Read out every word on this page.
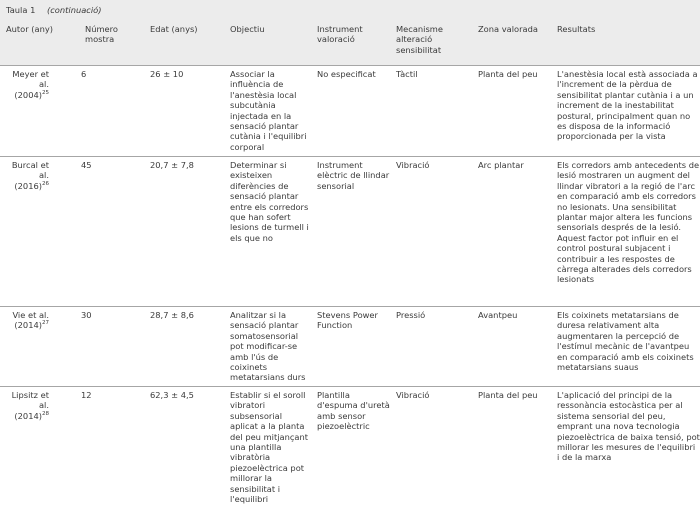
Taula 1 (continuació)
Autor (any)	Número mostra	Edat (anys)	Objectiu	Instrument valoració	Mecanisme alteració sensibilitat	Zona valorada	Resultats
Meyer et al. $(2004)^{25}$	6	26 ± 10	Associar la influència de l'anestèsia local subcutània injectada en la sensació plantar cutània i l'equilibri corporal	No especificat	Tàctil	Planta del peu	L'anestèsia local està associada a l'increment de la pèrdua de sensibilitat plantar cutània i a un increment de la inestabilitat postural, principalment quan no es disposa de la informació proporcionada per la vista
Burcal et al. $(2016)^{26}$	45	20,7 ± 7,8	Determinar si existeixen diferències de sensació plantar entre els corredors que han sofert lesions de turmell i els que no	Instrument elèctric de llindar sensorial	Vibració	Arc plantar	Els corredors amb antecedents de lesió mostraren un augment del llindar vibratori a la regió de l'arc en comparació amb els corredors no lesionats. Una sensibilitat plantar major altera les funcions sensorials després de la lesió. Aquest factor pot influir en el control postural subjacent i contribuir a les respostes de càrrega alterades dels corredors lesionats
Vie et al. $(2014)^{27}$	30	28,7 ± 8,6	Analitzar si la sensació plantar somatosensorial pot modificar-se amb l'ús de coixinets metatarsians durs	Stevens Power Function	Pressió	Avantpeu	Els coixinets metatarsians de duresa relativament alta augmentaren la percepció de l'estímul mecànic de l'avantpeu en comparació amb els coixinets metatarsians suaus
Lipsitz et al. $(2014)^{28}$	12	62,3 ± 4,5	Establir si el soroll vibratori subsensorial aplicat a la planta del peu mitjançant una plantilla vibratòria piezoelèctrica pot millorar la sensibilitat i l'equilibri	Plantilla d'espuma d'uretà amb sensor piezoelèctric	Vibració	Planta del peu	L'aplicació del principi de la ressonància estocàstica per al sistema sensorial del peu, emprant una nova tecnologia piezoelèctrica de baixa tensió, pot millorar les mesures de l'equilibri i de la marxa
